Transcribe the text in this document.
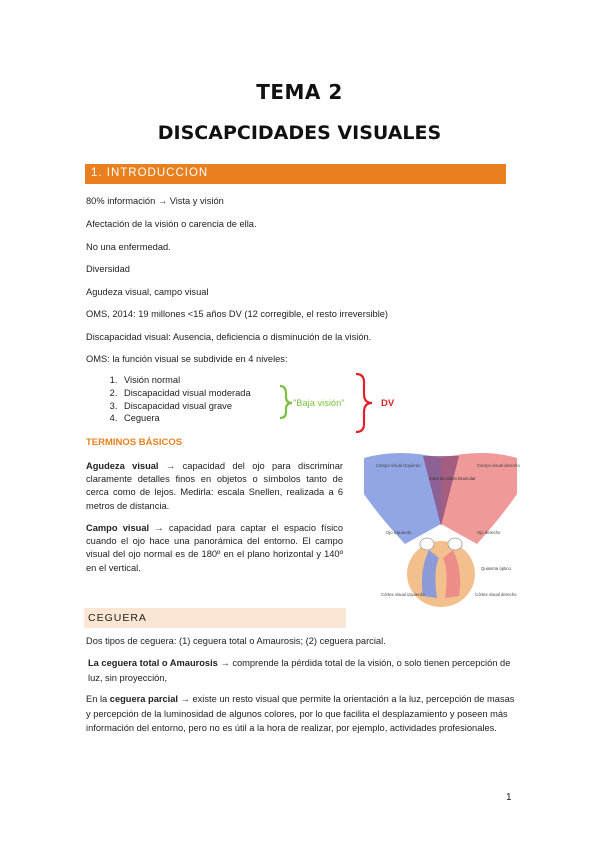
TEMA 2
DISCAPCIDADES VISUALES
1. INTRODUCCION
80% información → Vista y visión
Afectación de la visión o carencia de ella.
No una enfermedad.
Diversidad
Agudeza visual, campo visual
OMS, 2014: 19 millones <15 años DV (12 corregible, el resto irreversible)
Discapacidad visual: Ausencia, deficiencia o disminución de la visión.
OMS: la función visual se subdivide en 4 niveles:
1. Visión normal
2. Discapacidad visual moderada
3. Discapacidad visual grave
4. Ceguera
"Baja visión"	DV
TERMINOS BÁSICOS
Agudeza visual → capacidad del ojo para discriminar claramente detalles finos en objetos o símbolos tanto de cerca como de lejos. Medirla: escala Snellen, realizada a 6 metros de distancia.
Campo visual → capacidad para captar el espacio físico cuando el ojo hace una panorámica del entorno. El campo visual del ojo normal es de 180º en el plano horizontal y 140º en el vertical.
Campo visual izquierdo	Campo visual derecho
Zona de visión binocular
Ojo izquierdo	Ojo derecho
Quiasma óptico
Córtex visual izquierdo	Córtex visual derecho
CEGUERA
Dos tipos de ceguera: (1) ceguera total o Amaurosis; (2) ceguera parcial.
La ceguera total o Amaurosis → comprende la pérdida total de la visión, o solo tienen percepción de luz, sin proyección,
En la ceguera parcial → existe un resto visual que permite la orientación a la luz, percepción de masas y percepción de la luminosidad de algunos colores, por lo que facilita el desplazamiento y poseen más información del entorno, pero no es útil a la hora de realizar, por ejemplo, actividades profesionales.
1
